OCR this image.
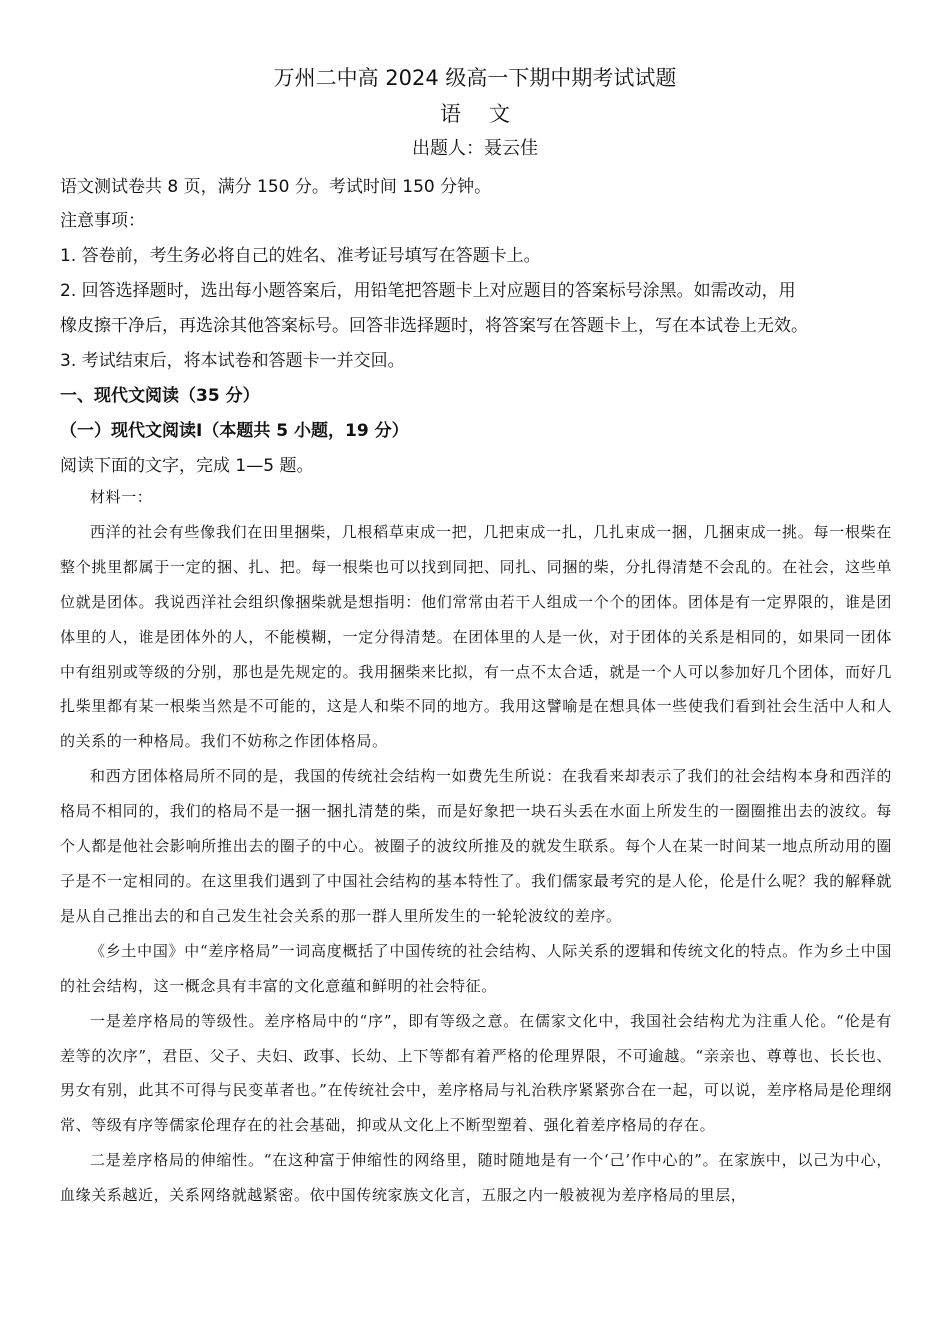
万州二中高 2024 级高一下期中期考试试题
语文
出题人：聂云佳
语文测试卷共 8 页，满分 150 分。考试时间 150 分钟。
注意事项：
1. 答卷前，考生务必将自己的姓名、准考证号填写在答题卡上。
2. 回答选择题时，选出每小题答案后，用铅笔把答题卡上对应题目的答案标号涂黑。如需改动，用
橡皮擦干净后，再选涂其他答案标号。回答非选择题时，将答案写在答题卡上，写在本试卷上无效。
3. 考试结束后，将本试卷和答题卡一并交回。
一、现代文阅读（35 分）
（一）现代文阅读Ⅰ（本题共 5 小题，19 分）
阅读下面的文字，完成 1—5 题。

材料一：

西洋的社会有些像我们在田里捆柴，几根稻草束成一把，几把束成一扎，几扎束成一捆，几捆束成一挑。每一根柴在整个挑里都属于一定的捆、扎、把。每一根柴也可以找到同把、同扎、同捆的柴，分扎得清楚不会乱的。在社会，这些单位就是团体。我说西洋社会组织像捆柴就是想指明：他们常常由若干人组成一个个的团体。团体是有一定界限的，谁是团体里的人，谁是团体外的人，不能模糊，一定分得清楚。在团体里的人是一伙，对于团体的关系是相同的，如果同一团体中有组别或等级的分别，那也是先规定的。我用捆柴来比拟，有一点不太合适，就是一个人可以参加好几个团体，而好几扎柴里都有某一根柴当然是不可能的，这是人和柴不同的地方。我用这譬喻是在想具体一些使我们看到社会生活中人和人的关系的一种格局。我们不妨称之作团体格局。

和西方团体格局所不同的是，我国的传统社会结构一如费先生所说：在我看来却表示了我们的社会结构本身和西洋的格局不相同的，我们的格局不是一捆一捆扎清楚的柴，而是好象把一块石头丢在水面上所发生的一圈圈推出去的波纹。每个人都是他社会影响所推出去的圈子的中心。被圈子的波纹所推及的就发生联系。每个人在某一时间某一地点所动用的圈子是不一定相同的。在这里我们遇到了中国社会结构的基本特性了。我们儒家最考究的是人伦，伦是什么呢？我的解释就是从自己推出去的和自己发生社会关系的那一群人里所发生的一轮轮波纹的差序。

《乡土中国》中“差序格局”一词高度概括了中国传统的社会结构、人际关系的逻辑和传统文化的特点。作为乡土中国的社会结构，这一概念具有丰富的文化意蕴和鲜明的社会特征。

一是差序格局的等级性。差序格局中的“序”，即有等级之意。在儒家文化中，我国社会结构尤为注重人伦。“伦是有差等的次序”，君臣、父子、夫妇、政事、长幼、上下等都有着严格的伦理界限，不可逾越。“亲亲也、尊尊也、长长也、男女有别，此其不可得与民变革者也。”在传统社会中，差序格局与礼治秩序紧紧弥合在一起，可以说，差序格局是伦理纲常、等级有序等儒家伦理存在的社会基础，抑或从文化上不断型塑着、强化着差序格局的存在。

二是差序格局的伸缩性。“在这种富于伸缩性的网络里，随时随地是有一个‘己’作中心的”。在家族中，以己为中心，血缘关系越近，关系网络就越紧密。依中国传统家族文化言，五服之内一般被视为差序格局的里层，
